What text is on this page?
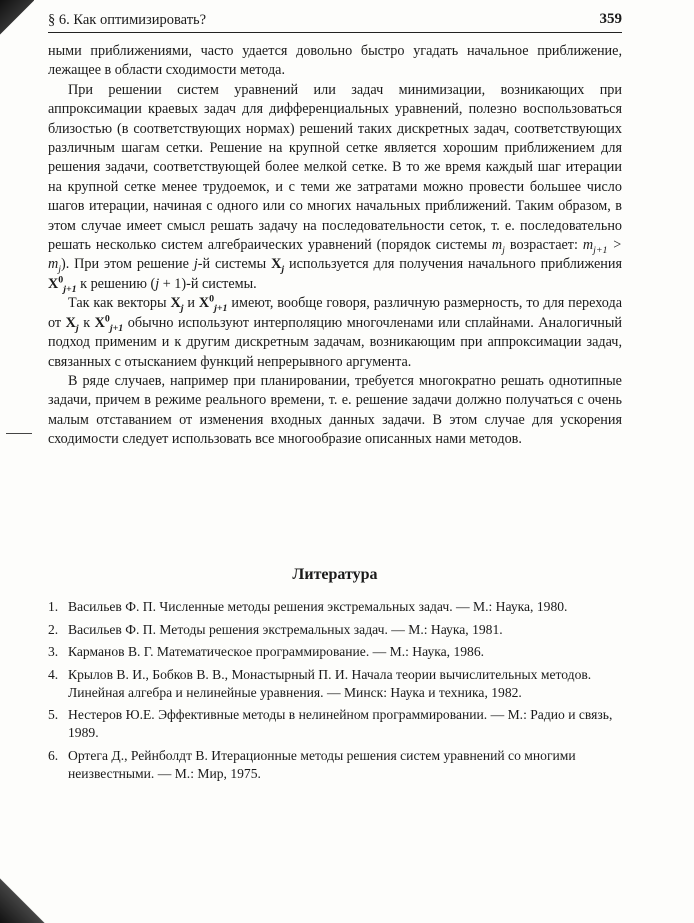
§ 6. Как оптимизировать?	359

ными приближениями, часто удается довольно быстро угадать начальное приближение, лежащее в области сходимости метода.

При решении систем уравнений или задач минимизации, возникающих при аппроксимации краевых задач для дифференциальных уравнений, полезно воспользоваться близостью (в соответствующих нормах) решений таких дискретных задач, соответствующих различным шагам сетки. Решение на крупной сетке является хорошим приближением для решения задачи, соответствующей более мелкой сетке. В то же время каждый шаг итерации на крупной сетке менее трудоемок, и с теми же затратами можно провести большее число шагов итерации, начиная с одного или со многих начальных приближений. Таким образом, в этом случае имеет смысл решать задачу на последовательности сеток, т. е. последовательно решать несколько систем алгебраических уравнений (порядок системы $m_j$ возрастает: $m_{j+1} > m_j$). При этом решение j-й системы $X_j$ используется для получения начального приближения $X^0_{j+1}$ к решению (j + 1)-й системы.

Так как векторы $X_j$ и $X^0_{j+1}$ имеют, вообще говоря, различную размерность, то для перехода от $X_j$ к $X^0_{j+1}$ обычно используют интерполяцию многочленами или сплайнами. Аналогичный подход применим и к другим дискретным задачам, возникающим при аппроксимации задач, связанных с отысканием функций непрерывного аргумента.

В ряде случаев, например при планировании, требуется многократно решать однотипные задачи, причем в режиме реального времени, т. е. решение задачи должно получаться с очень малым отставанием от изменения входных данных задачи. В этом случае для ускорения сходимости следует использовать все многообразие описанных нами методов.

Литература
1. Васильев Ф. П. Численные методы решения экстремальных задач. — М.: Наука, 1980.
2. Васильев Ф. П. Методы решения экстремальных задач. — М.: Наука, 1981.
3. Карманов В. Г. Математическое программирование. — М.: Наука, 1986.
4. Крылов В. И., Бобков В. В., Монастырный П. И. Начала теории вычислительных методов. Линейная алгебра и нелинейные уравнения. — Минск: Наука и техника, 1982.
5. Нестеров Ю.Е. Эффективные методы в нелинейном программировании. — М.: Радио и связь, 1989.
6. Ортега Д., Рейнболдт В. Итерационные методы решения систем уравнений со многими неизвестными. — М.: Мир, 1975.
